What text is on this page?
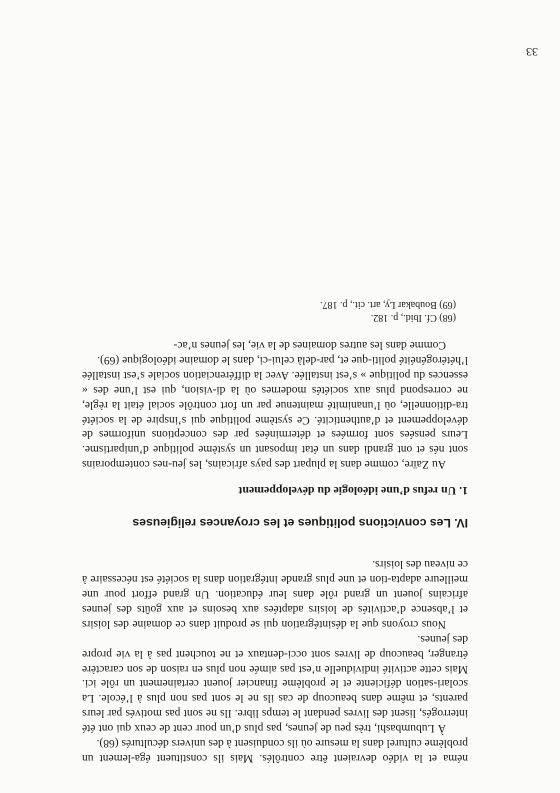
néma et la vidéo devraient être contrôlés. Mais ils constituent éga-lement un problème culturel dans la mesure où ils conduisent à des univers déculturés (68).

À Lubumbashi, très peu de jeunes, pas plus d’un pour cent de ceux qui ont été interrogés, lisent des livres pendant le temps libre. Ils ne sont pas motivés par leurs parents, et même dans beaucoup de cas ils ne le sont pas non plus à l’école. La scolari-sation déficiente et le problème financier jouent certainement un rôle ici. Mais cette activité individuelle n’est pas aimée non plus en raison de son caractère étranger, beaucoup de livres sont occi-dentaux et ne touchent pas à la vie propre des jeunes.

Nous croyons que la désintégration qui se produit dans ce domaine des loisirs et l’absence d’activités de loisirs adaptées aux besoins et aux goûts des jeunes africains jouent un grand rôle dans leur éducation. Un grand effort pour une meilleure adapta-tion et une plus grande intégration dans la société est nécessaire à ce niveau des loisirs.

IV. Les convictions politiques et les croyances religieuses
1. Un refus d’une idéologie du développement

Au Zaïre, comme dans la plupart des pays africains, les jeu-nes contemporains sont nés et ont grandi dans un état imposant un système politique d’unipartisme. Leurs pensées sont formées et déterminées par des conceptions uniformes de développement et d’authenticité. Ce système politique qui s’inspire de la société tra-ditionnelle, où l’unanimité maintenue par un fort contrôle social était la règle, ne correspond plus aux sociétés modernes où la di-vision, qui est l’une des « essences du politique » s’est installée. Avec la différenciation sociale s’est installée l’hétérogénéité politi-que et, par-delà celui-ci, dans le domaine idéologique (69).

Comme dans les autres domaines de la vie, les jeunes n’ac-

(68) Cf. Ibid., p. 182.

(69) Boubakar Ly, art. cit., p. 187.

33
